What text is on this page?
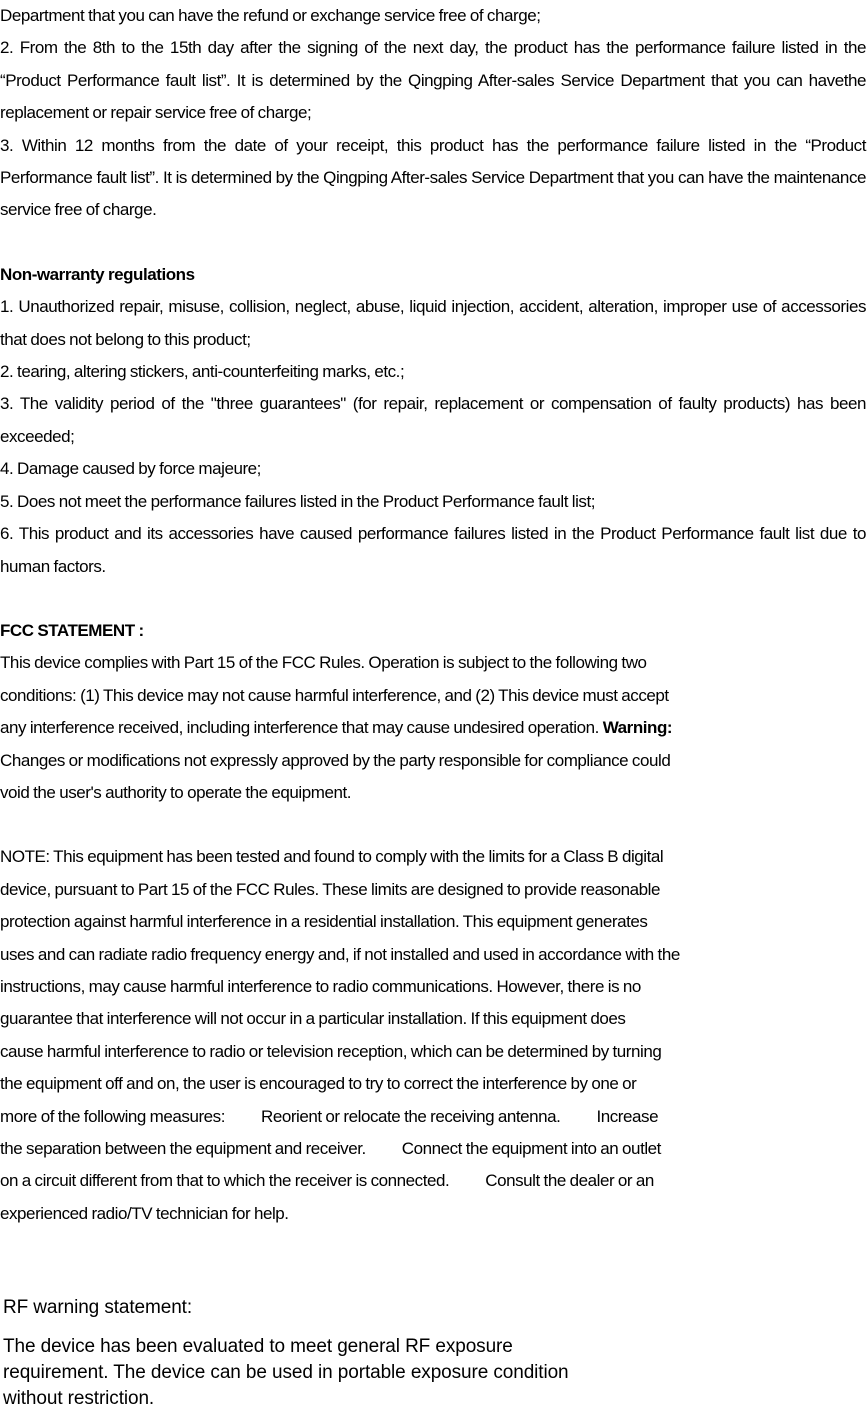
Department that you can have the refund or exchange service free of charge;

2. From the 8th to the 15th day after the signing of the next day, the product has the performance failure listed in the “Product Performance fault list”. It is determined by the Qingping After-sales Service Department that you can havethe replacement or repair service free of charge;

3. Within 12 months from the date of your receipt, this product has the performance failure listed in the “Product Performance fault list”. It is determined by the Qingping After-sales Service Department that you can have the maintenance service free of charge.

Non-warranty regulations

1. Unauthorized repair, misuse, collision, neglect, abuse, liquid injection, accident, alteration, improper use of accessories that does not belong to this product;

2. tearing, altering stickers, anti-counterfeiting marks, etc.;

3. The validity period of the "three guarantees" (for repair, replacement or compensation of faulty products) has been exceeded;

4. Damage caused by force majeure;

5. Does not meet the performance failures listed in the Product Performance fault list;

6. This product and its accessories have caused performance failures listed in the Product Performance fault list due to human factors.

FCC STATEMENT :

This device complies with Part 15 of the FCC Rules. Operation is subject to the following two

conditions: (1) This device may not cause harmful interference, and (2) This device must accept

any interference received, including interference that may cause undesired operation. Warning:

Changes or modifications not expressly approved by the party responsible for compliance could

void the user's authority to operate the equipment.

NOTE: This equipment has been tested and found to comply with the limits for a Class B digital

device, pursuant to Part 15 of the FCC Rules. These limits are designed to provide reasonable

protection against harmful interference in a residential installation. This equipment generates

uses and can radiate radio frequency energy and, if not installed and used in accordance with the

instructions, may cause harmful interference to radio communications. However, there is no

guarantee that interference will not occur in a particular installation. If this equipment does

cause harmful interference to radio or television reception, which can be determined by turning

the equipment off and on, the user is encouraged to try to correct the interference by one or

more of the following measures: Reorient or relocate the receiving antenna. Increase

the separation between the equipment and receiver. Connect the equipment into an outlet

on a circuit different from that to which the receiver is connected. Consult the dealer or an

experienced radio/TV technician for help.

RF warning statement:

The device has been evaluated to meet general RF exposure
requirement. The device can be used in portable exposure condition
without restriction.
